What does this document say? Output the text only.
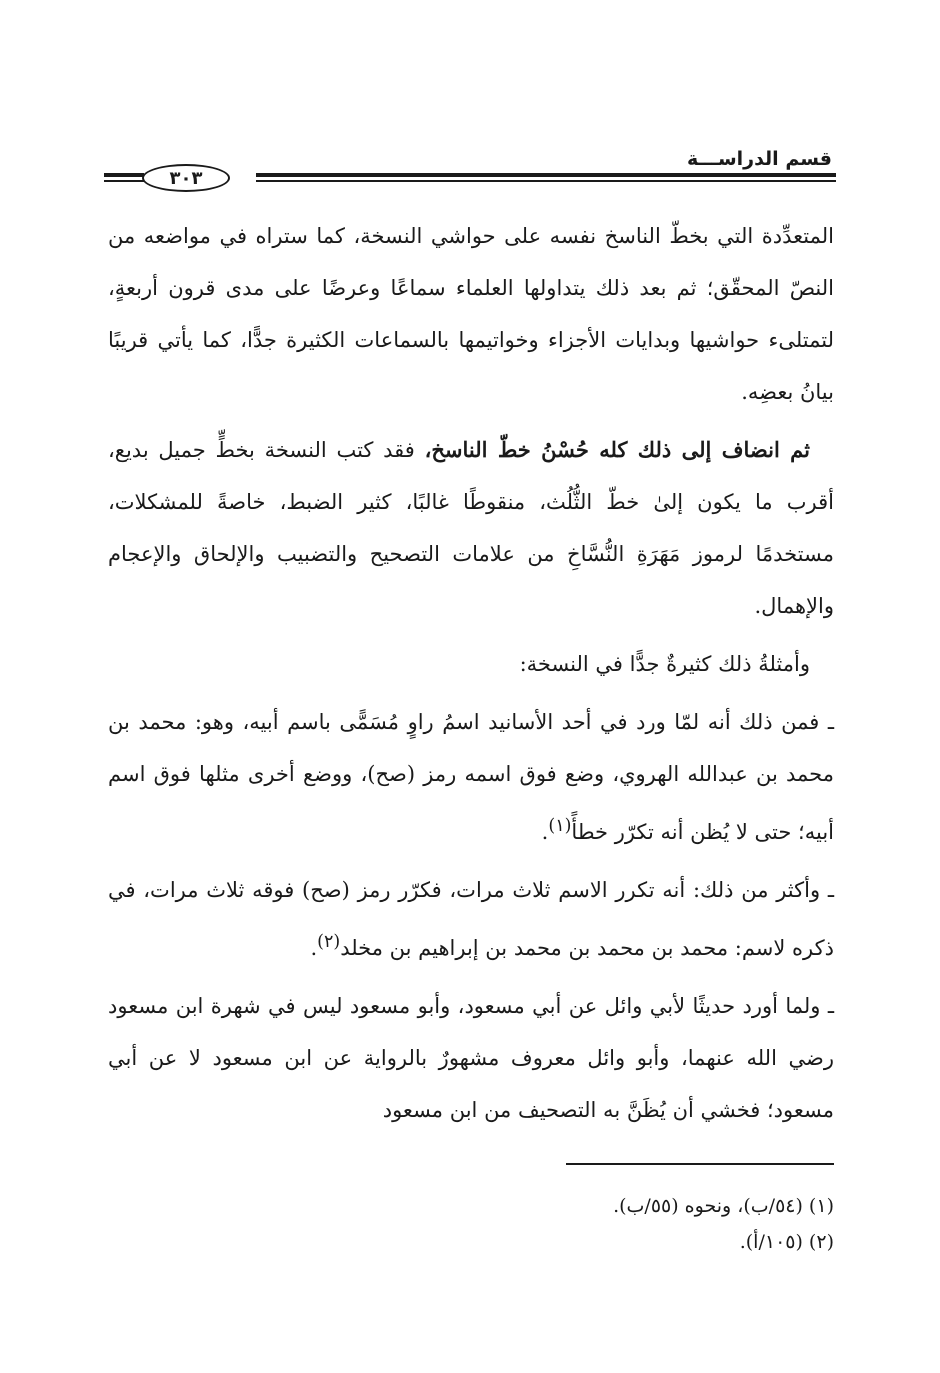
قسم الدراســـة
٣٠٣

المتعدِّدة التي بخطّ الناسخ نفسه على حواشي النسخة، كما ستراه في مواضعه من النصّ المحقّق؛ ثم بعد ذلك يتداولها العلماء سماعًا وعرضًا على مدى قرون أربعةٍ، لتمتلىء حواشيها وبدايات الأجزاء وخواتيمها بالسماعات الكثيرة جدًّا، كما يأتي قريبًا بيانُ بعضِه.

ثم انضاف إلى ذلك كله حُسْنُ خطّ الناسخ، فقد كتب النسخة بخطٍّ جميل بديع، أقرب ما يكون إلىٰ خطّ الثُّلُث، منقوطًا غالبًا، كثير الضبط، خاصةً للمشكلات، مستخدمًا لرموز مَهَرَةِ النُّسَّاخِ من علامات التصحيح والتضبيب والإلحاق والإعجام والإهمال.

وأمثلةُ ذلك كثيرةٌ جدًّا في النسخة:

ـ فمن ذلك أنه لمّا ورد في أحد الأسانيد اسمُ راوٍ مُسَمًّى باسم أبيه، وهو: محمد بن محمد بن عبدالله الهروي، وضع فوق اسمه رمز (صح)، ووضع أخرى مثلها فوق اسم أبيه؛ حتى لا يُظن أنه تكرّر خطأً$^{(١)}$.

ـ وأكثر من ذلك: أنه تكرر الاسم ثلاث مرات، فكرّر رمز (صح) فوقه ثلاث مرات، في ذكره لاسم: محمد بن محمد بن محمد بن إبراهيم بن مخلد$^{(٢)}$.

ـ ولما أورد حديثًا لأبي وائل عن أبي مسعود، وأبو مسعود ليس في شهرة ابن مسعود رضي الله عنهما، وأبو وائل معروف مشهورٌ بالرواية عن ابن مسعود لا عن أبي مسعود؛ فخشي أن يُظَنَّ به التصحيف من ابن مسعود

(١) (٥٤/ب)، ونحوه (٥٥/ب).
(٢) (١٠٥/أ).
